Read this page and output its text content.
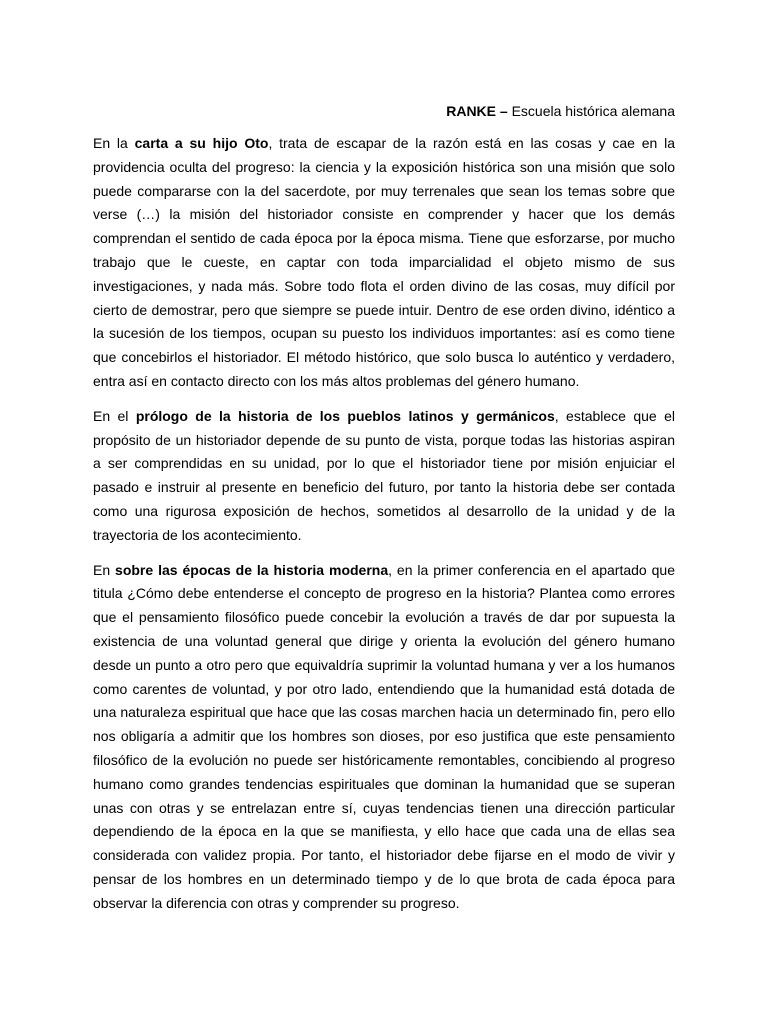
RANKE – Escuela histórica alemana

En la carta a su hijo Oto, trata de escapar de la razón está en las cosas y cae en la providencia oculta del progreso: la ciencia y la exposición histórica son una misión que solo puede compararse con la del sacerdote, por muy terrenales que sean los temas sobre que verse (…) la misión del historiador consiste en comprender y hacer que los demás comprendan el sentido de cada época por la época misma. Tiene que esforzarse, por mucho trabajo que le cueste, en captar con toda imparcialidad el objeto mismo de sus investigaciones, y nada más. Sobre todo flota el orden divino de las cosas, muy difícil por cierto de demostrar, pero que siempre se puede intuir. Dentro de ese orden divino, idéntico a la sucesión de los tiempos, ocupan su puesto los individuos importantes: así es como tiene que concebirlos el historiador. El método histórico, que solo busca lo auténtico y verdadero, entra así en contacto directo con los más altos problemas del género humano.

En el prólogo de la historia de los pueblos latinos y germánicos, establece que el propósito de un historiador depende de su punto de vista, porque todas las historias aspiran a ser comprendidas en su unidad, por lo que el historiador tiene por misión enjuiciar el pasado e instruir al presente en beneficio del futuro, por tanto la historia debe ser contada como una rigurosa exposición de hechos, sometidos al desarrollo de la unidad y de la trayectoria de los acontecimiento.

En sobre las épocas de la historia moderna, en la primer conferencia en el apartado que titula ¿Cómo debe entenderse el concepto de progreso en la historia? Plantea como errores que el pensamiento filosófico puede concebir la evolución a través de dar por supuesta la existencia de una voluntad general que dirige y orienta la evolución del género humano desde un punto a otro pero que equivaldría suprimir la voluntad humana y ver a los humanos como carentes de voluntad, y por otro lado, entendiendo que la humanidad está dotada de una naturaleza espiritual que hace que las cosas marchen hacia un determinado fin, pero ello nos obligaría a admitir que los hombres son dioses, por eso justifica que este pensamiento filosófico de la evolución no puede ser históricamente remontables, concibiendo al progreso humano como grandes tendencias espirituales que dominan la humanidad que se superan unas con otras y se entrelazan entre sí, cuyas tendencias tienen una dirección particular dependiendo de la época en la que se manifiesta, y ello hace que cada una de ellas sea considerada con validez propia. Por tanto, el historiador debe fijarse en el modo de vivir y pensar de los hombres en un determinado tiempo y de lo que brota de cada época para observar la diferencia con otras y comprender su progreso.
